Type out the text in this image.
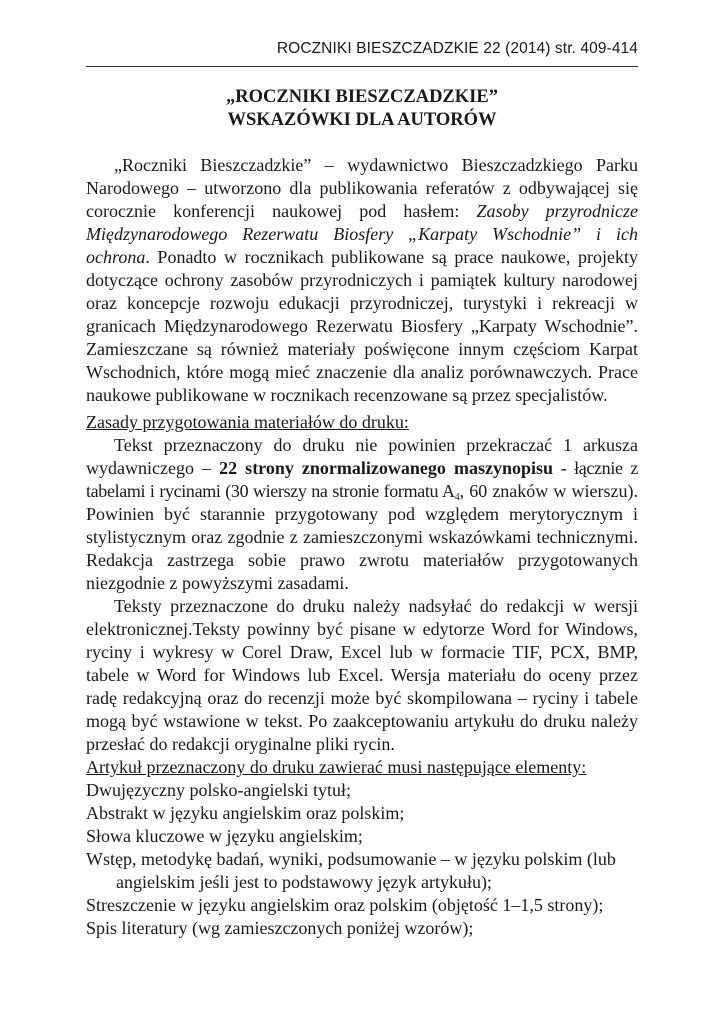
ROCZNIKI BIESZCZADZKIE 22 (2014) str. 409-414
„ROCZNIKI BIESZCZADZKIE”
WSKAZÓWKI DLA AUTORÓW

„Roczniki Bieszczadzkie” – wydawnictwo Bieszczadzkiego Parku Narodowego – utworzono dla publikowania referatów z odbywającej się corocznie konferencji naukowej pod hasłem: Zasoby przyrodnicze Międzynarodowego Rezerwatu Biosfery „Karpaty Wschodnie” i ich ochrona. Ponadto w rocznikach publikowane są prace naukowe, projekty dotyczące ochrony zasobów przyrodniczych i pamiątek kultury narodowej oraz koncepcje rozwoju edukacji przyrodniczej, turystyki i rekreacji w granicach Międzynarodowego Rezerwatu Biosfery „Karpaty Wschodnie”. Zamieszczane są również materiały poświęcone innym częściom Karpat Wschodnich, które mogą mieć znaczenie dla analiz porównawczych. Prace naukowe publikowane w rocznikach recenzowane są przez specjalistów.

Zasady przygotowania materiałów do druku:

Tekst przeznaczony do druku nie powinien przekraczać 1 arkusza wydawniczego – 22 strony znormalizowanego maszynopisu - łącznie z tabelami i rycinami (30 wierszy na stronie formatu $A_4$, 60 znaków w wierszu). Powinien być starannie przygotowany pod względem merytorycznym i stylistycznym oraz zgodnie z zamieszczonymi wskazówkami technicznymi. Redakcja zastrzega sobie prawo zwrotu materiałów przygotowanych niezgodnie z powyższymi zasadami.

Teksty przeznaczone do druku należy nadsyłać do redakcji w wersji elektronicznej.Teksty powinny być pisane w edytorze Word for Windows, ryciny i wykresy w Corel Draw, Excel lub w formacie TIF, PCX, BMP, tabele w Word for Windows lub Excel. Wersja materiału do oceny przez radę redakcyjną oraz do recenzji może być skompilowana – ryciny i tabele mogą być wstawione w tekst. Po zaakceptowaniu artykułu do druku należy przesłać do redakcji oryginalne pliki rycin.

Artykuł przeznaczony do druku zawierać musi następujące elementy:

Dwujęzyczny polsko-angielski tytuł;

Abstrakt w języku angielskim oraz polskim;

Słowa kluczowe w języku angielskim;

Wstęp, metodykę badań, wyniki, podsumowanie – w języku polskim (lub angielskim jeśli jest to podstawowy język artykułu);

Streszczenie w języku angielskim oraz polskim (objętość 1–1,5 strony);

Spis literatury (wg zamieszczonych poniżej wzorów);
